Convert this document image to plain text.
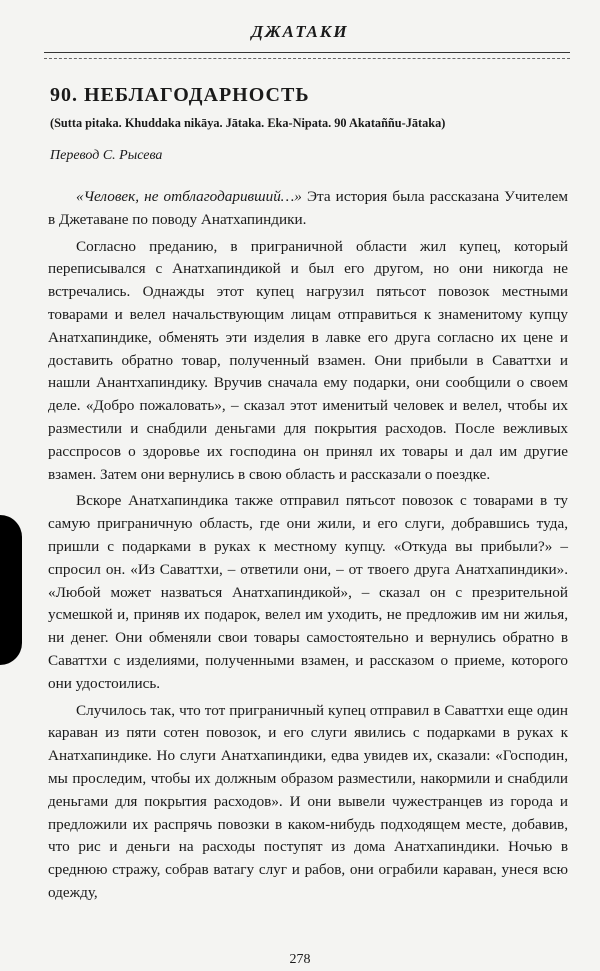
ДЖАТАКИ
90. НЕБЛАГОДАРНОСТЬ
(Sutta pitaka. Khuddaka nikāya. Jātaka. Eka-Nipata. 90 Akataññu-Jātaka)
Перевод С. Рысева

«Человек, не отблагодаривший…» Эта история была рассказана Учителем в Джетаване по поводу Анатхапиндики.

Согласно преданию, в приграничной области жил купец, который переписывался с Анатхапиндикой и был его другом, но они никогда не встречались. Однажды этот купец нагрузил пятьсот повозок местными товарами и велел начальствующим лицам отправиться к знаменитому купцу Анатхапиндике, обменять эти изделия в лавке его друга согласно их цене и доставить обратно товар, полученный взамен. Они прибыли в Саваттхи и нашли Анантхапиндику. Вручив сначала ему подарки, они сообщили о своем деле. «Добро пожаловать», – сказал этот именитый человек и велел, чтобы их разместили и снабдили деньгами для покрытия расходов. После вежливых расспросов о здоровье их господина он принял их товары и дал им другие взамен. Затем они вернулись в свою область и рассказали о поездке.

Вскоре Анатхапиндика также отправил пятьсот повозок с товарами в ту самую приграничную область, где они жили, и его слуги, добравшись туда, пришли с подарками в руках к местному купцу. «Откуда вы прибыли?» – спросил он. «Из Саваттхи, – ответили они, – от твоего друга Анатхапиндики». «Любой может назваться Анатхапиндикой», – сказал он с презрительной усмешкой и, приняв их подарок, велел им уходить, не предложив им ни жилья, ни денег. Они обменяли свои товары самостоятельно и вернулись обратно в Саваттхи с изделиями, полученными взамен, и рассказом о приеме, которого они удостоились.

Случилось так, что тот приграничный купец отправил в Саваттхи еще один караван из пяти сотен повозок, и его слуги явились с подарками в руках к Анатхапиндике. Но слуги Анатхапиндики, едва увидев их, сказали: «Господин, мы проследим, чтобы их должным образом разместили, накормили и снабдили деньгами для покрытия расходов». И они вывели чужестранцев из города и предложили их распрячь повозки в каком-нибудь подходящем месте, добавив, что рис и деньги на расходы поступят из дома Анатхапиндики. Ночью в среднюю стражу, собрав ватагу слуг и рабов, они ограбили караван, унеся всю одежду,

278
